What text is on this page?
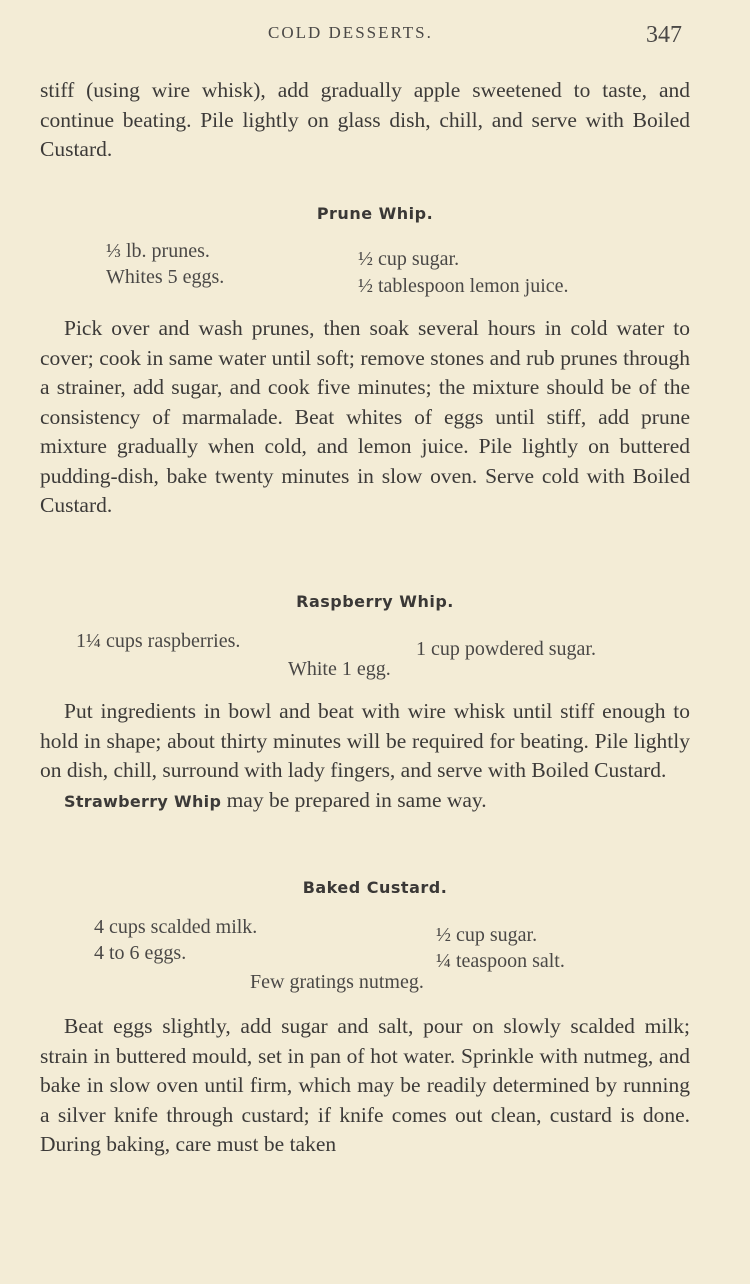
COLD DESSERTS.	347

stiff (using wire whisk), add gradually apple sweetened to taste, and continue beating. Pile lightly on glass dish, chill, and serve with Boiled Custard.

Prune Whip.
⅓ lb. prunes.
Whites 5 eggs.
½ cup sugar.
½ tablespoon lemon juice.

Pick over and wash prunes, then soak several hours in cold water to cover; cook in same water until soft; remove stones and rub prunes through a strainer, add sugar, and cook five minutes; the mixture should be of the consistency of marmalade. Beat whites of eggs until stiff, add prune mixture gradually when cold, and lemon juice. Pile lightly on buttered pudding-dish, bake twenty minutes in slow oven. Serve cold with Boiled Custard.

Raspberry Whip.
1¼ cups raspberries.	1 cup powdered sugar.
White 1 egg.

Put ingredients in bowl and beat with wire whisk until stiff enough to hold in shape; about thirty minutes will be required for beating. Pile lightly on dish, chill, surround with lady fingers, and serve with Boiled Custard.

Strawberry Whip may be prepared in same way.

Baked Custard.
4 cups scalded milk.
4 to 6 eggs.
½ cup sugar.
¼ teaspoon salt.
Few gratings nutmeg.

Beat eggs slightly, add sugar and salt, pour on slowly scalded milk; strain in buttered mould, set in pan of hot water. Sprinkle with nutmeg, and bake in slow oven until firm, which may be readily determined by running a silver knife through custard; if knife comes out clean, custard is done. During baking, care must be taken
